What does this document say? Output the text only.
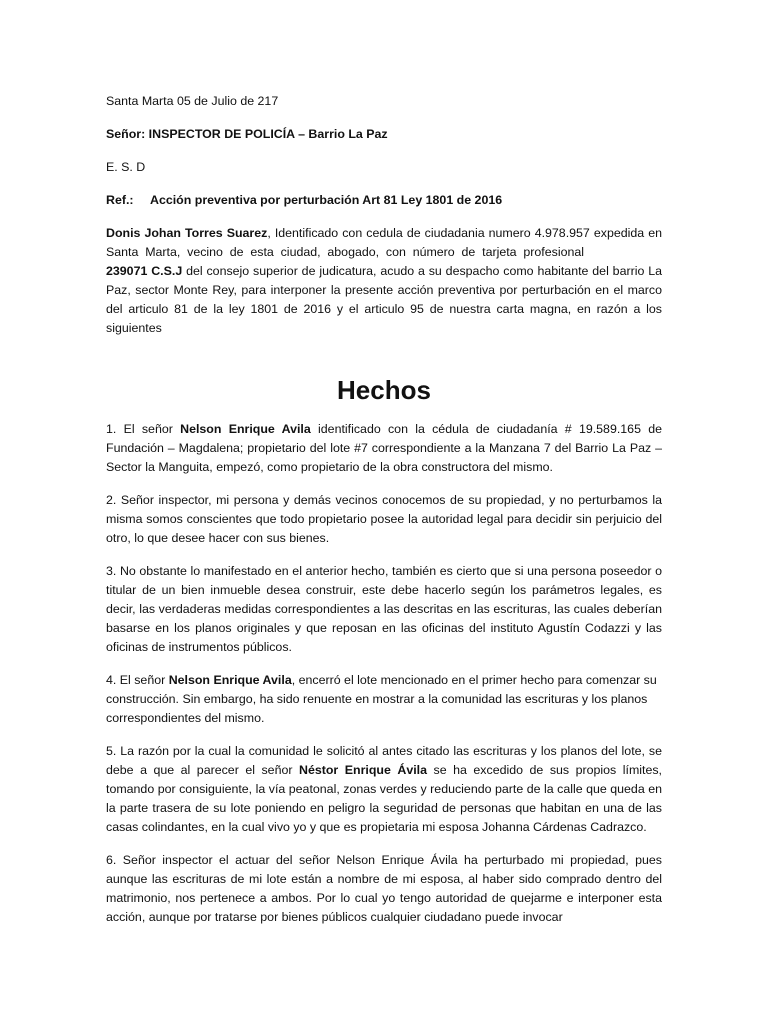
Santa Marta 05 de Julio de 217

Señor: INSPECTOR DE POLICÍA – Barrio La Paz

E. S. D

Ref.:	Acción preventiva por perturbación Art 81 Ley 1801 de 2016

Donis Johan Torres Suarez, Identificado con cedula de ciudadania numero 4.978.957 expedida en Santa Marta, vecino de esta ciudad, abogado, con número de tarjeta profesional239071 C.S.J del consejo superior de judicatura, acudo a su despacho como habitante del barrio La Paz, sector Monte Rey, para interponer la presente acción preventiva por perturbación en el marco del articulo 81 de la ley 1801 de 2016 y el articulo 95 de nuestra carta magna, en razón a los siguientes

Hechos

1. El señor Nelson Enrique Avila identificado con la cédula de ciudadanía # 19.589.165 de Fundación – Magdalena; propietario del lote #7 correspondiente a la Manzana 7 del Barrio La Paz – Sector la Manguita, empezó, como propietario de la obra constructora del mismo.

2. Señor inspector, mi persona y demás vecinos conocemos de su propiedad, y no perturbamos la misma somos conscientes que todo propietario posee la autoridad legal para decidir sin perjuicio del otro, lo que desee hacer con sus bienes.

3. No obstante lo manifestado en el anterior hecho, también es cierto que si una persona poseedor o titular de un bien inmueble desea construir, este debe hacerlo según los parámetros legales, es decir, las verdaderas medidas correspondientes a las descritas en las escrituras, las cuales deberían basarse en los planos originales y que reposan en las oficinas del instituto Agustín Codazzi y las oficinas de instrumentos públicos.

4. El señor Nelson Enrique Avila, encerró el lote mencionado en el primer hecho para comenzar su construcción. Sin embargo, ha sido renuente en mostrar a la comunidad las escrituras y los planos correspondientes del mismo.

5. La razón por la cual la comunidad le solicitó al antes citado las escrituras y los planos del lote, se debe a que al parecer el señor Néstor Enrique Ávila se ha excedido de sus propios límites, tomando por consiguiente, la vía peatonal, zonas verdes y reduciendo parte de la calle que queda en la parte trasera de su lote poniendo en peligro la seguridad de personas que habitan en una de las casas colindantes, en la cual vivo yo y que es propietaria mi esposa Johanna Cárdenas Cadrazco.

6. Señor inspector el actuar del señor Nelson Enrique Ávila ha perturbado mi propiedad, pues aunque las escrituras de mi lote están a nombre de mi esposa, al haber sido comprado dentro del matrimonio, nos pertenece a ambos. Por lo cual yo tengo autoridad de quejarme e interponer esta acción, aunque por tratarse por bienes públicos cualquier ciudadano puede invocar
